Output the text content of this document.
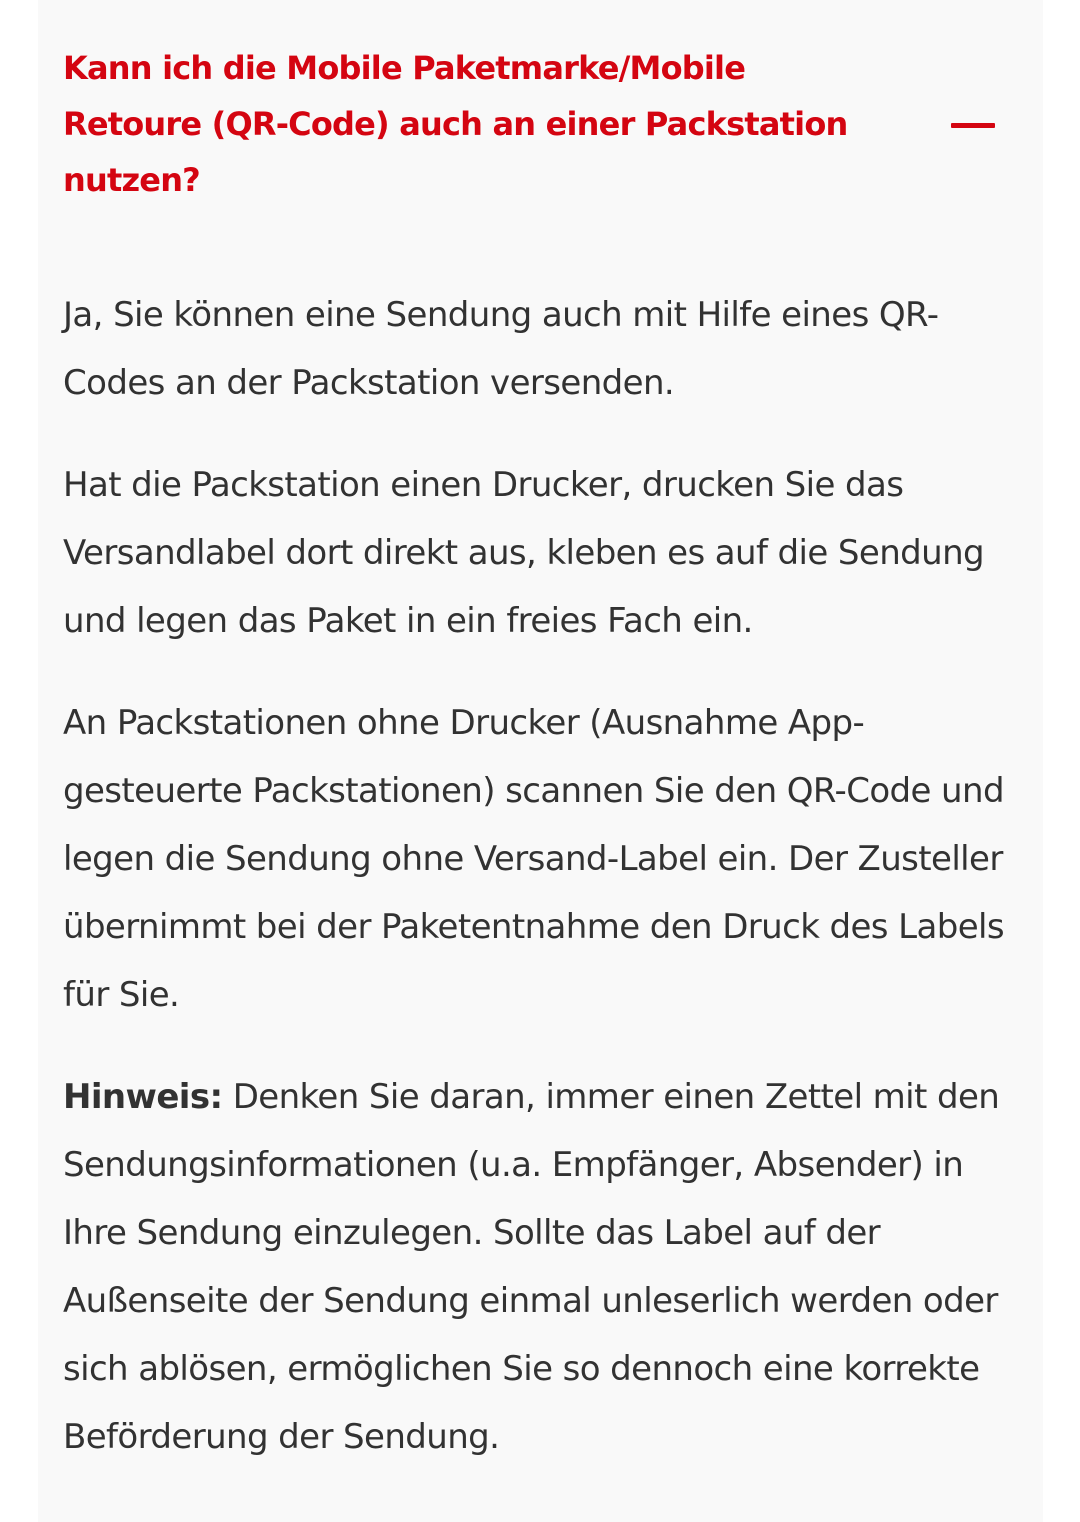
Kann ich die Mobile Paketmarke/Mobile Retoure (QR-Code) auch an einer Packstation nutzen?

Ja, Sie können eine Sendung auch mit Hilfe eines QR-Codes an der Packstation versenden.

Hat die Packstation einen Drucker, drucken Sie das Versandlabel dort direkt aus, kleben es auf die Sendung und legen das Paket in ein freies Fach ein.

An Packstationen ohne Drucker (Ausnahme App-gesteuerte Packstationen) scannen Sie den QR-Code und legen die Sendung ohne Versand-Label ein. Der Zusteller übernimmt bei der Paketentnahme den Druck des Labels für Sie.

Hinweis: Denken Sie daran, immer einen Zettel mit den Sendungsinformationen (u.a. Empfänger, Absender) in Ihre Sendung einzulegen. Sollte das Label auf der Außenseite der Sendung einmal unleserlich werden oder sich ablösen, ermöglichen Sie so dennoch eine korrekte Beförderung der Sendung.
